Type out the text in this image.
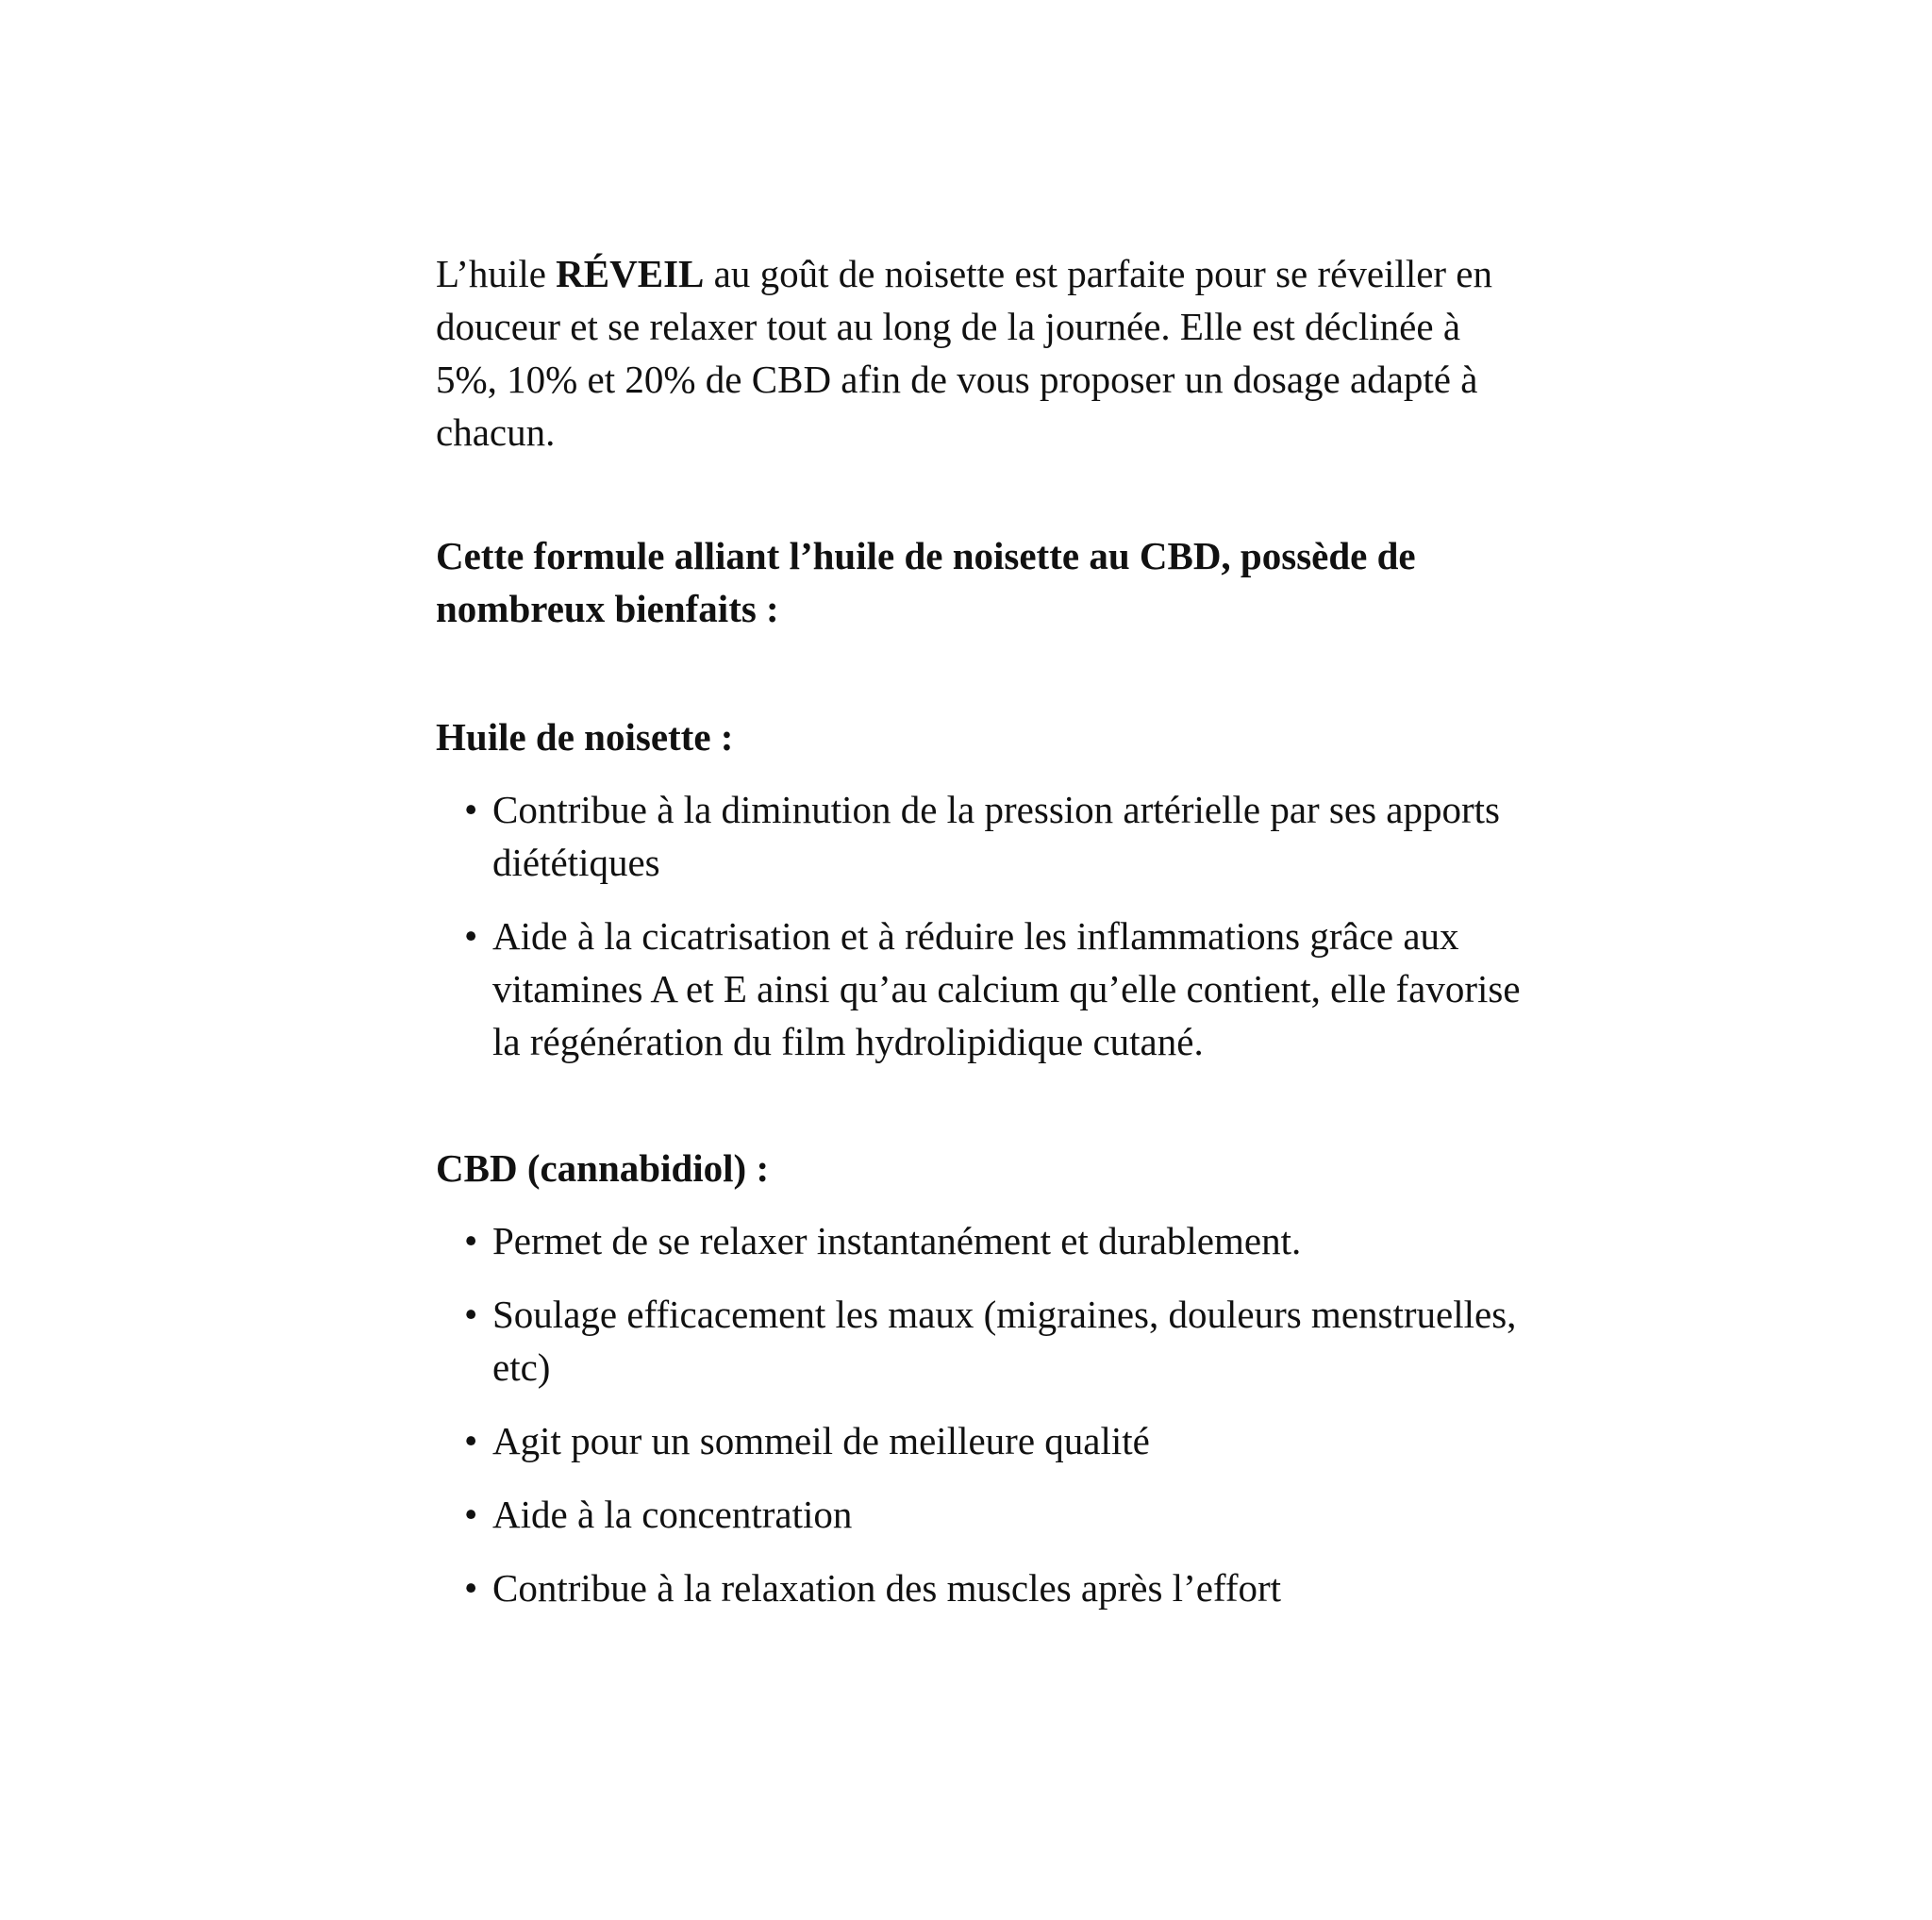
L’huile RÉVEIL au goût de noisette est parfaite pour se réveiller en douceur et se relaxer tout au long de la journée. Elle est déclinée à 5%, 10% et 20% de CBD afin de vous proposer un dosage adapté à chacun.

Cette formule alliant l’huile de noisette au CBD, possède de nombreux bienfaits :

Huile de noisette :

• Contribue à la diminution de la pression artérielle par ses apports diététiques
• Aide à la cicatrisation et à réduire les inflammations grâce aux vitamines A et E ainsi qu’au calcium qu’elle contient, elle favorise la régénération du film hydrolipidique cutané.

CBD (cannabidiol) :

• Permet de se relaxer instantanément et durablement.
• Soulage efficacement les maux (migraines, douleurs menstruelles, etc)
• Agit pour un sommeil de meilleure qualité
• Aide à la concentration
• Contribue à la relaxation des muscles après l’effort
